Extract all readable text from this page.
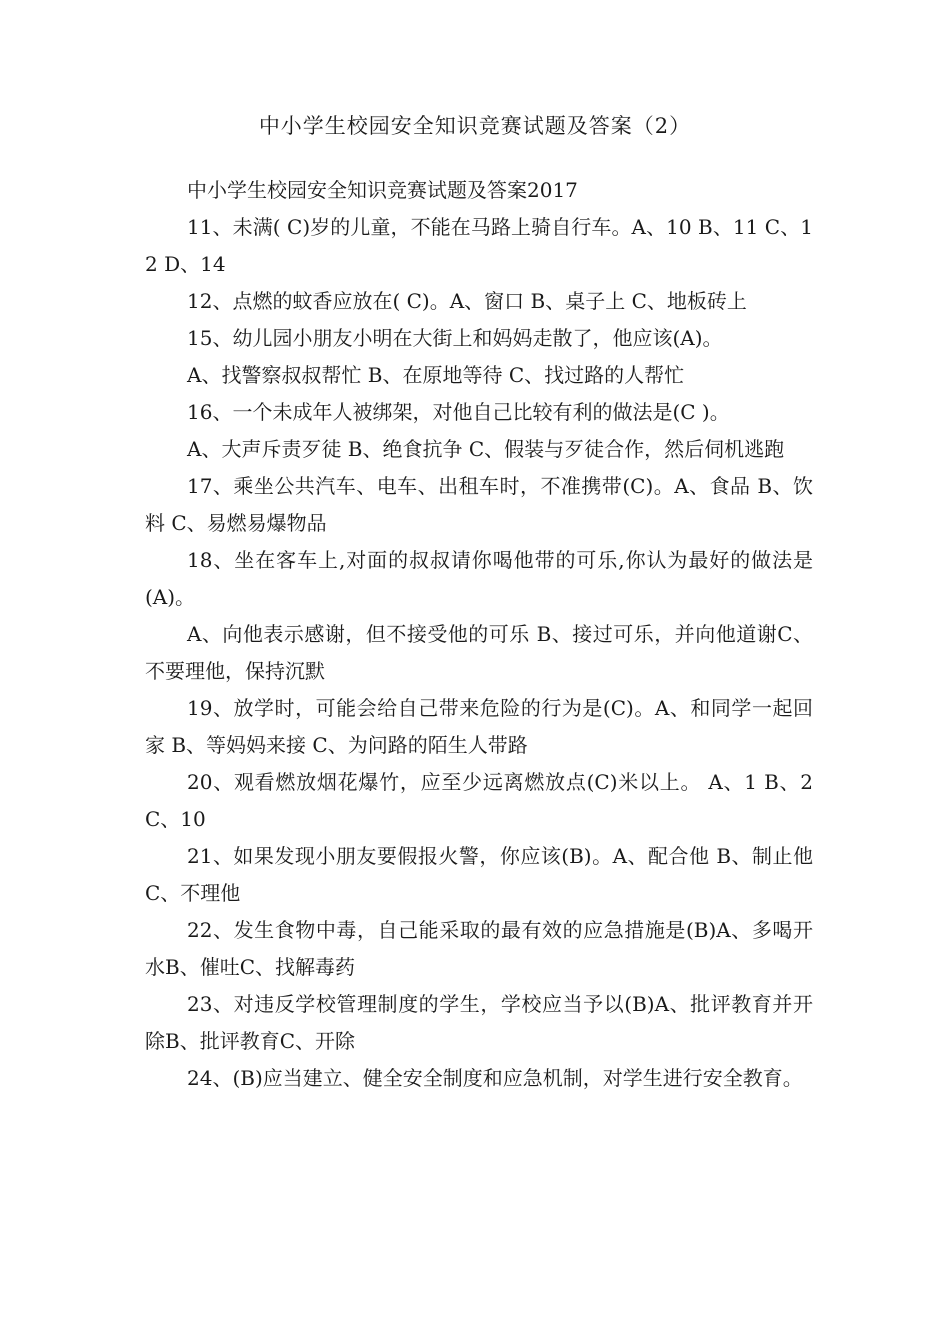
中小学生校园安全知识竞赛试题及答案（2）

中小学生校园安全知识竞赛试题及答案2017

11、未满( C)岁的儿童，不能在马路上骑自行车。A、10 B、11 C、12 D、14

12、点燃的蚊香应放在( C)。A、窗口 B、桌子上 C、地板砖上

15、幼儿园小朋友小明在大街上和妈妈走散了，他应该(A)。

A、找警察叔叔帮忙 B、在原地等待 C、找过路的人帮忙

16、一个未成年人被绑架，对他自己比较有利的做法是(C )。

A、大声斥责歹徒 B、绝食抗争 C、假装与歹徒合作，然后伺机逃跑

17、乘坐公共汽车、电车、出租车时，不准携带(C)。A、食品 B、饮料 C、易燃易爆物品

18、坐在客车上,对面的叔叔请你喝他带的可乐,你认为最好的做法是(A)。

A、向他表示感谢，但不接受他的可乐 B、接过可乐，并向他道谢C、不要理他，保持沉默

19、放学时，可能会给自己带来危险的行为是(C)。A、和同学一起回家 B、等妈妈来接 C、为问路的陌生人带路

20、观看燃放烟花爆竹，应至少远离燃放点(C)米以上。 A、1 B、2 C、10

21、如果发现小朋友要假报火警，你应该(B)。A、配合他 B、制止他 C、不理他

22、发生食物中毒，自己能采取的最有效的应急措施是(B)A、多喝开水B、催吐C、找解毒药

23、对违反学校管理制度的学生，学校应当予以(B)A、批评教育并开除B、批评教育C、开除

24、(B)应当建立、健全安全制度和应急机制，对学生进行安全教育。
